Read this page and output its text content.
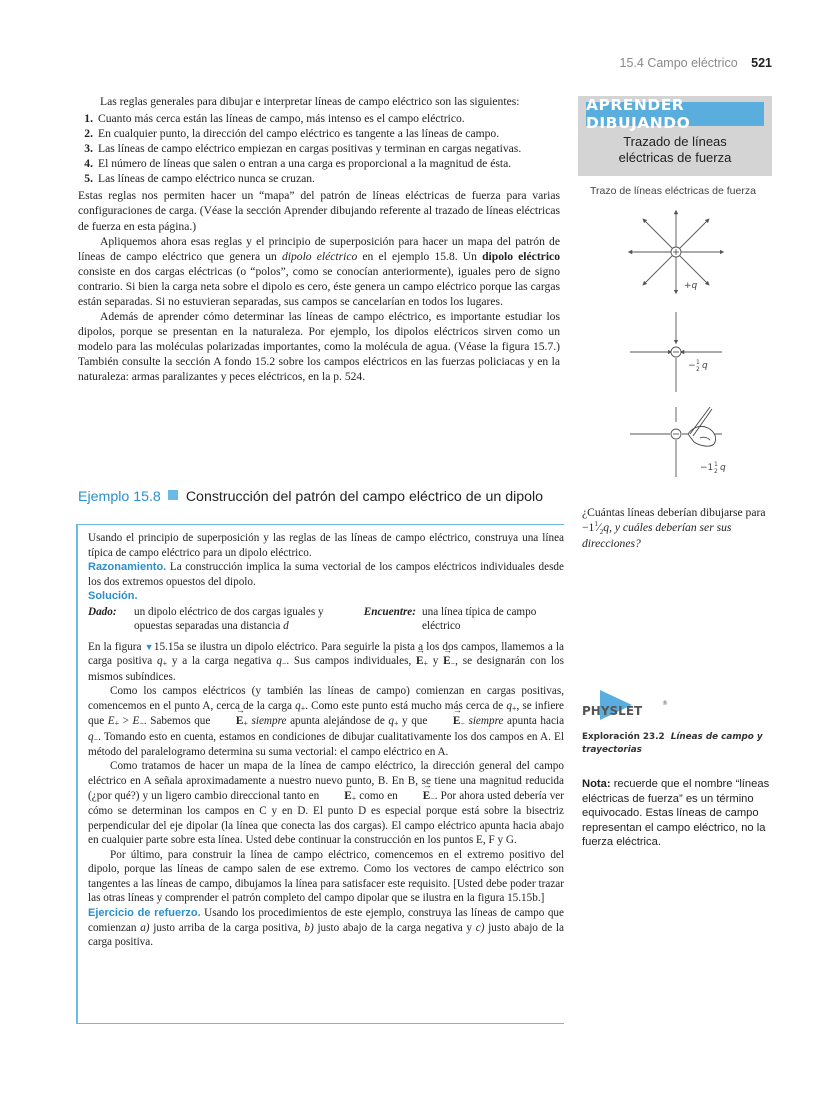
15.4 Campo eléctrico 521

Las reglas generales para dibujar e interpretar líneas de campo eléctrico son las siguientes:

1. Cuanto más cerca están las líneas de campo, más intenso es el campo eléctrico.
2. En cualquier punto, la dirección del campo eléctrico es tangente a las líneas de campo.
3. Las líneas de campo eléctrico empiezan en cargas positivas y terminan en cargas negativas.
4. El número de líneas que salen o entran a una carga es proporcional a la magnitud de ésta.
5. Las líneas de campo eléctrico nunca se cruzan.

Estas reglas nos permiten hacer un “mapa” del patrón de líneas eléctricas de fuerza para varias configuraciones de carga. (Véase la sección Aprender dibujando referente al trazado de líneas eléctricas de fuerza en esta página.)

Apliquemos ahora esas reglas y el principio de superposición para hacer un mapa del patrón de líneas de campo eléctrico que genera un dipolo eléctrico en el ejemplo 15.8. Un dipolo eléctrico consiste en dos cargas eléctricas (o “polos”, como se conocían anteriormente), iguales pero de signo contrario. Si bien la carga neta sobre el dipolo es cero, éste genera un campo eléctrico porque las cargas están separadas. Si no estuvieran separadas, sus campos se cancelarían en todos los lugares.

Además de aprender cómo determinar las líneas de campo eléctrico, es importante estudiar los dipolos, porque se presentan en la naturaleza. Por ejemplo, los dipolos eléctricos sirven como un modelo para las moléculas polarizadas importantes, como la molécula de agua. (Véase la figura 15.7.) También consulte la sección A fondo 15.2 sobre los campos eléctricos en las fuerzas policiacas y en la naturaleza: armas paralizantes y peces eléctricos, en la p. 524.

Ejemplo 15.8 Construcción del patrón del campo eléctrico de un dipolo

Usando el principio de superposición y las reglas de las líneas de campo eléctrico, construya una línea típica de campo eléctrico para un dipolo eléctrico.

Razonamiento. La construcción implica la suma vectorial de los campos eléctricos individuales desde los dos extremos opuestos del dipolo.

Solución.
Dado:	un dipolo eléctrico de dos cargas iguales y opuestas separadas una distancia d
Encuentre: una línea típica de campo eléctrico

En la figura ▼15.15a se ilustra un dipolo eléctrico. Para seguirle la pista a los dos campos, llamemos a la carga positiva $q_+$ y a la carga negativa $q_-$. Sus campos individuales, → $E_+$ $y \to E_-$, se designarán con los mismos subíndices.

Como los campos eléctricos (y también las líneas de campo) comienzan en cargas positivas, comencemos en el punto A, cerca de la carga $q_+$. Como este punto está mucho más cerca de $q_+$, se infiere que $E_+ > E_-$. Sabemos que → $E_+$ siempre apunta alejándose de $q_+$ y que → $E_-$ siempre apunta hacia $q_-$. Tomando esto en cuenta, estamos en condiciones de dibujar cualitativamente los dos campos en A. El método del paralelogramo determina su suma vectorial: el campo eléctrico en A.

Como tratamos de hacer un mapa de la línea de campo eléctrico, la dirección general del campo eléctrico en A señala aproximadamente a nuestro nuevo punto, B. En B, se tiene una magnitud reducida (¿por qué?) y un ligero cambio direccional tanto en → $E_+$ como en → $E_-$. Por ahora usted debería ver cómo se determinan los campos en C y en D. El punto D es especial porque está sobre la bisectriz perpendicular del eje dipolar (la línea que conecta las dos cargas). El campo eléctrico apunta hacia abajo en cualquier parte sobre esta línea. Usted debe continuar la construcción en los puntos E, F y G.

Por último, para construir la línea de campo eléctrico, comencemos en el extremo positivo del dipolo, porque las líneas de campo salen de ese extremo. Como los vectores de campo eléctrico son tangentes a las líneas de campo, dibujamos la línea para satisfacer este requisito. [Usted debe poder trazar las otras líneas y comprender el patrón completo del campo dipolar que se ilustra en la figura 15.15b.]

Ejercicio de refuerzo. Usando los procedimientos de este ejemplo, construya las líneas de campo que comienzan a) justo arriba de la carga positiva, b) justo abajo de la carga negativa y c) justo abajo de la carga positiva.

APRENDER DIBUJANDO
Trazado de líneas
eléctricas de fuerza
Trazo de líneas eléctricas de fuerza
+q
− 1 2 q
−1 1 2 q
¿Cuántas líneas deberían dibujarse para $-1^1⁄_2q$, y cuáles deberían ser sus direcciones?
PHYSLET
®
Exploración 23.2 Líneas de campo y trayectorias
Nota: recuerde que el nombre “líneas eléctricas de fuerza” es un término equivocado. Estas líneas de campo representan el campo eléctrico, no la fuerza eléctrica.
